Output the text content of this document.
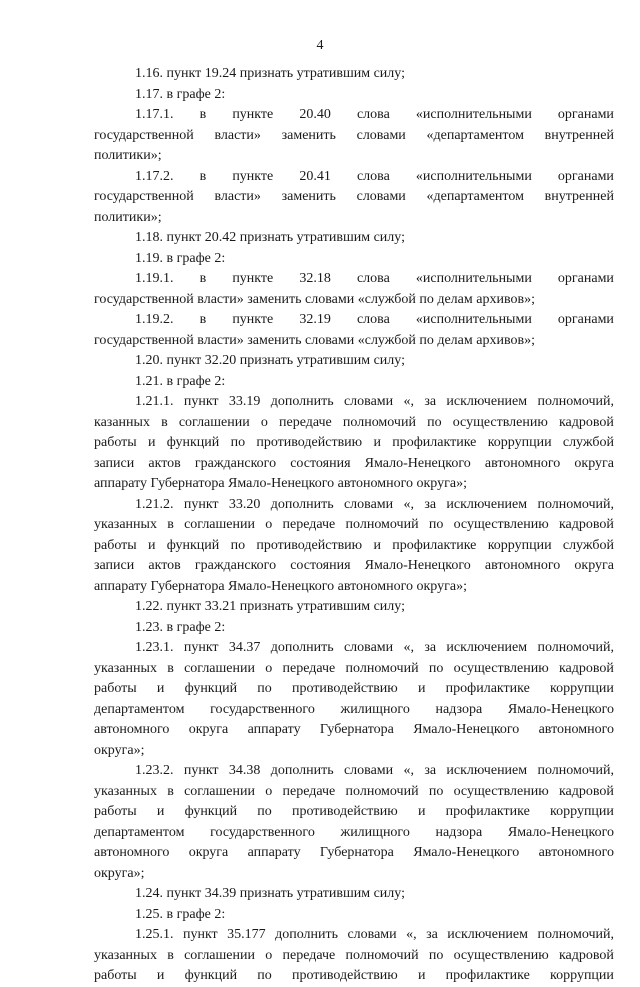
4
1.16. пункт 19.24 признать утратившим силу;
1.17. в графе 2:
1.17.1. в пункте 20.40 слова «исполнительными органами
государственной власти» заменить словами «департаментом внутренней
политики»;
1.17.2. в пункте 20.41 слова «исполнительными органами
государственной власти» заменить словами «департаментом внутренней
политики»;
1.18. пункт 20.42 признать утратившим силу;
1.19. в графе 2:
1.19.1. в пункте 32.18 слова «исполнительными органами
государственной власти» заменить словами «службой по делам архивов»;
1.19.2. в пункте 32.19 слова «исполнительными органами
государственной власти» заменить словами «службой по делам архивов»;
1.20. пункт 32.20 признать утратившим силу;
1.21. в графе 2:
1.21.1. пункт 33.19 дополнить словами «, за исключением полномочий,
казанных в соглашении о передаче полномочий по осуществлению кадровой
работы и функций по противодействию и профилактике коррупции службой
записи актов гражданского состояния Ямало-Ненецкого автономного округа
аппарату Губернатора Ямало-Ненецкого автономного округа»;
1.21.2. пункт 33.20 дополнить словами «, за исключением полномочий,
указанных в соглашении о передаче полномочий по осуществлению кадровой
работы и функций по противодействию и профилактике коррупции службой
записи актов гражданского состояния Ямало-Ненецкого автономного округа
аппарату Губернатора Ямало-Ненецкого автономного округа»;
1.22. пункт 33.21 признать утратившим силу;
1.23. в графе 2:
1.23.1. пункт 34.37 дополнить словами «, за исключением полномочий,
указанных в соглашении о передаче полномочий по осуществлению кадровой
работы и функций по противодействию и профилактике коррупции
департаментом государственного жилищного надзора Ямало-Ненецкого
автономного округа аппарату Губернатора Ямало-Ненецкого автономного
округа»;
1.23.2. пункт 34.38 дополнить словами «, за исключением полномочий,
указанных в соглашении о передаче полномочий по осуществлению кадровой
работы и функций по противодействию и профилактике коррупции
департаментом государственного жилищного надзора Ямало-Ненецкого
автономного округа аппарату Губернатора Ямало-Ненецкого автономного
округа»;
1.24. пункт 34.39 признать утратившим силу;
1.25. в графе 2:
1.25.1. пункт 35.177 дополнить словами «, за исключением полномочий,
указанных в соглашении о передаче полномочий по осуществлению кадровой
работы и функций по противодействию и профилактике коррупции
